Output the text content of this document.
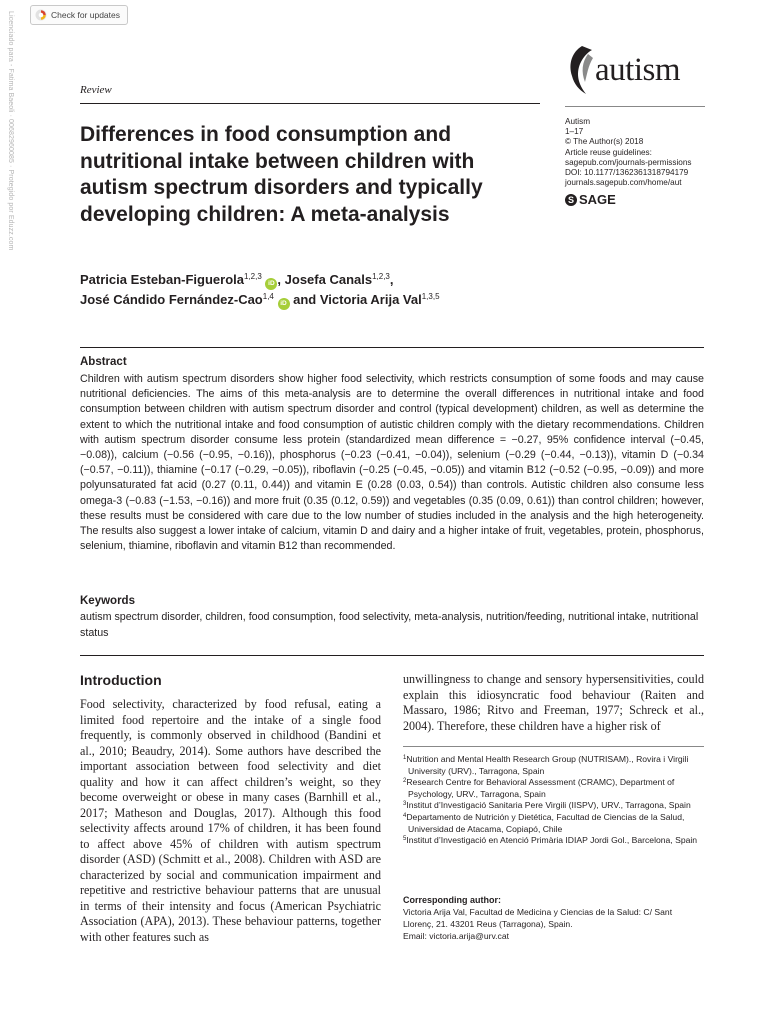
Licenciado para - Fatima Baeoli · 00682960085 · Protegido por Eduzz.com	Check for updates
Review
Differences in food consumption and nutritional intake between children with autism spectrum disorders and typically developing children: A meta-analysis
autism
Autism
1–17
© The Author(s) 2018
Article reuse guidelines:
sagepub.com/journals-permissions
DOI: 10.1177/1362361318794179
journals.sagepub.com/home/aut
S SAGE
Patricia Esteban-Figuerola$^{1,2,3}$ iD , Josefa Canals$^{1,2,3}$,
José Cándido Fernández-Cao$^{1,4}$ iD and Victoria Arija Val$^{1,3,5}$
Abstract
Children with autism spectrum disorders show higher food selectivity, which restricts consumption of some foods and may cause nutritional deficiencies. The aims of this meta-analysis are to determine the overall differences in nutritional intake and food consumption between children with autism spectrum disorder and control (typical development) children, as well as determine the extent to which the nutritional intake and food consumption of autistic children comply with the dietary recommendations. Children with autism spectrum disorder consume less protein (standardized mean difference = −0.27, 95% confidence interval (−0.45, −0.08)), calcium (−0.56 (−0.95, −0.16)), phosphorus (−0.23 (−0.41, −0.04)), selenium (−0.29 (−0.44, −0.13)), vitamin D (−0.34 (−0.57, −0.11)), thiamine (−0.17 (−0.29, −0.05)), riboflavin (−0.25 (−0.45, −0.05)) and vitamin B12 (−0.52 (−0.95, −0.09)) and more polyunsaturated fat acid (0.27 (0.11, 0.44)) and vitamin E (0.28 (0.03, 0.54)) than controls. Autistic children also consume less omega-3 (−0.83 (−1.53, −0.16)) and more fruit (0.35 (0.12, 0.59)) and vegetables (0.35 (0.09, 0.61)) than control children; however, these results must be considered with care due to the low number of studies included in the analysis and the high heterogeneity. The results also suggest a lower intake of calcium, vitamin D and dairy and a higher intake of fruit, vegetables, protein, phosphorus, selenium, thiamine, riboflavin and vitamin B12 than recommended.
Keywords
autism spectrum disorder, children, food consumption, food selectivity, meta-analysis, nutrition/feeding, nutritional intake, nutritional status
Introduction
Food selectivity, characterized by food refusal, eating a limited food repertoire and the intake of a single food frequently, is commonly observed in childhood (Bandini et al., 2010; Beaudry, 2014). Some authors have described the important association between food selectivity and diet quality and how it can affect children’s weight, so they become overweight or obese in many cases (Barnhill et al., 2017; Matheson and Douglas, 2017). Although this food selectivity affects around 17% of children, it has been found to affect above 45% of children with autism spectrum disorder (ASD) (Schmitt et al., 2008). Children with ASD are characterized by social and communication impairment and repetitive and restrictive behaviour patterns that are unusual in terms of their intensity and focus (American Psychiatric Association (APA), 2013). These behaviour patterns, together with other features such as
unwillingness to change and sensory hypersensitivities, could explain this idiosyncratic food behaviour (Raiten and Massaro, 1986; Ritvo and Freeman, 1977; Schreck et al., 2004). Therefore, these children have a higher risk of
$^1$Nutrition and Mental Health Research Group (NUTRISAM)., Rovira i Virgili University (URV)., Tarragona, Spain
$^2$Research Centre for Behavioral Assessment (CRAMC), Department of Psychology, URV., Tarragona, Spain
$^3$Institut d’Investigació Sanitaria Pere Virgili (IISPV), URV., Tarragona, Spain
$^4$Departamento de Nutrición y Dietética, Facultad de Ciencias de la Salud, Universidad de Atacama, Copiapó, Chile
$^5$Institut d’Investigació en Atenció Primària IDIAP Jordi Gol., Barcelona, Spain
Corresponding author:
Victoria Arija Val, Facultad de Medicina y Ciencias de la Salud: C/ Sant Llorenç, 21. 43201 Reus (Tarragona), Spain.
Email: victoria.arija@urv.cat
